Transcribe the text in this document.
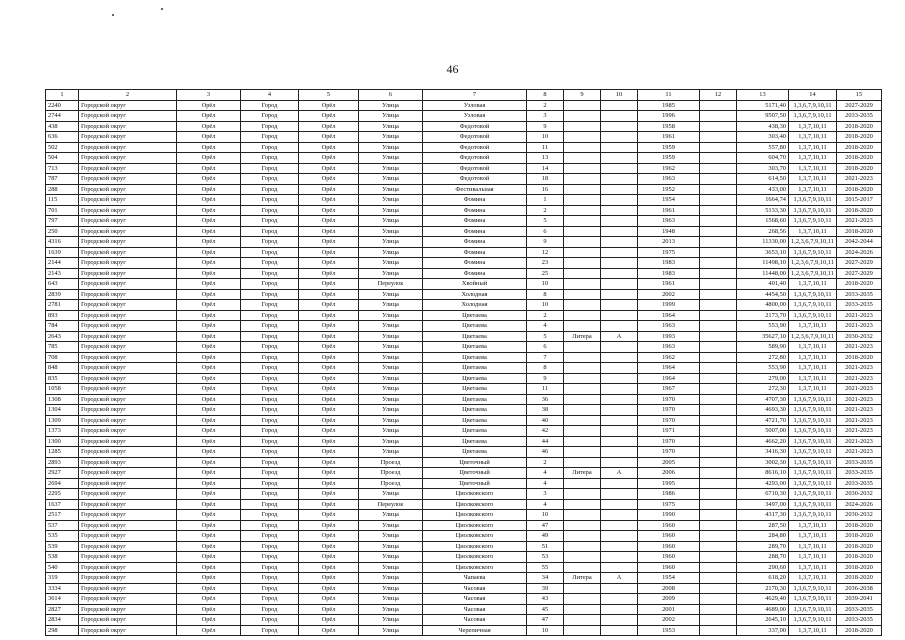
46
1	2	3	4	5	6	7	8	9	10	11	12	13	14	15
2240	Городской округ	Орёл	Город	Орёл	Улица	Узловая	2			1985		5171,40	1,3,6,7,9,10,11	2027-2029
2744	Городской округ	Орёл	Город	Орёл	Улица	Узловая	3			1996		9507,50	1,3,6,7,9,10,11	2033-2035
438	Городской округ	Орёл	Город	Орёл	Улица	Федотовой	9			1958		438,30	1,3,7,10,11	2018-2020
636	Городской округ	Орёл	Город	Орёл	Улица	Федотовой	10			1961		303,40	1,3,7,10,11	2018-2020
502	Городской округ	Орёл	Город	Орёл	Улица	Федотовой	11			1959		557,80	1,3,7,10,11	2018-2020
504	Городской округ	Орёл	Город	Орёл	Улица	Федотовой	13			1959		604,70	1,3,7,10,11	2018-2020
713	Городской округ	Орёл	Город	Орёл	Улица	Федотовой	14			1962		303,70	1,3,7,10,11	2018-2020
787	Городской округ	Орёл	Город	Орёл	Улица	Федотовой	18			1963		614,50	1,3,7,10,11	2021-2023
288	Городской округ	Орёл	Город	Орёл	Улица	Фестивальная	16			1952		433,00	1,3,7,10,11	2018-2020
115	Городской округ	Орёл	Город	Орёл	Улица	Фомина	1			1954		1664,74	1,3,6,7,9,10,11	2015-2017
701	Городской округ	Орёл	Город	Орёл	Улица	Фомина	2			1961		5133,30	1,3,6,7,9,10,11	2018-2020
797	Городской округ	Орёл	Город	Орёл	Улица	Фомина	5			1963		1568,60	1,3,6,7,9,10,11	2021-2023
250	Городской округ	Орёл	Город	Орёл	Улица	Фомина	6			1948		268,56	1,3,7,10,11	2018-2020
4316	Городской округ	Орёл	Город	Орёл	Улица	Фомина	9			2013		11330,00	1,2,3,6,7,9,10,11	2042-2044
1639	Городской округ	Орёл	Город	Орёл	Улица	Фомина	12			1975		3653,10	1,3,6,7,9,10,11	2024-2026
2144	Городской округ	Орёл	Город	Орёл	Улица	Фомина	23			1983		11498,10	1,2,3,6,7,9,10,11	2027-2029
2143	Городской округ	Орёл	Город	Орёл	Улица	Фомина	25			1983		11448,00	1,2,3,6,7,9,10,11	2027-2029
643	Городской округ	Орёл	Город	Орёл	Переулок	Хвойный	10			1961		401,40	1,3,7,10,11	2018-2020
2839	Городской округ	Орёл	Город	Орёл	Улица	Холодная	8			2002		4454,50	1,3,6,7,9,10,11	2033-2035
2781	Городской округ	Орёл	Город	Орёл	Улица	Холодная	10			1999		4800,00	1,3,6,7,9,10,11	2033-2035
893	Городской округ	Орёл	Город	Орёл	Улица	Цветаева	2			1964		2173,70	1,3,6,7,9,10,11	2021-2023
784	Городской округ	Орёл	Город	Орёл	Улица	Цветаева	4			1963		553,90	1,3,7,10,11	2021-2023
2643	Городской округ	Орёл	Город	Орёл	Улица	Цветаева	5	Литера	А	1993		35627,10	1,2,3,6,7,9,10,11	2030-2032
785	Городской округ	Орёл	Город	Орёл	Улица	Цветаева	6			1963		589,90	1,3,7,10,11	2021-2023
708	Городской округ	Орёл	Город	Орёл	Улица	Цветаева	7			1962		272,80	1,3,7,10,11	2018-2020
848	Городской округ	Орёл	Город	Орёл	Улица	Цветаева	8			1964		553,90	1,3,7,10,11	2021-2023
835	Городской округ	Орёл	Город	Орёл	Улица	Цветаева	9			1964		279,00	1,3,7,10,11	2021-2023
1058	Городской округ	Орёл	Город	Орёл	Улица	Цветаева	11			1967		272,30	1,3,7,10,11	2021-2023
1308	Городской округ	Орёл	Город	Орёл	Улица	Цветаева	36			1970		4707,30	1,3,6,7,9,10,11	2021-2023
1304	Городской округ	Орёл	Город	Орёл	Улица	Цветаева	38			1970		4693,30	1,3,6,7,9,10,11	2021-2023
1309	Городской округ	Орёл	Город	Орёл	Улица	Цветаева	40			1970		4721,70	1,3,6,7,9,10,11	2021-2023
1373	Городской округ	Орёл	Город	Орёл	Улица	Цветаева	42			1971		5007,00	1,3,6,7,9,10,11	2021-2023
1300	Городской округ	Орёл	Город	Орёл	Улица	Цветаева	44			1970		4662,20	1,3,6,7,9,10,11	2021-2023
1285	Городской округ	Орёл	Город	Орёл	Улица	Цветаева	46			1970		3416,30	1,3,6,7,9,10,11	2021-2023
2893	Городской округ	Орёл	Город	Орёл	Проезд	Цветочный	2			2005		3002,30	1,3,6,7,9,10,11	2033-2035
2927	Городской округ	Орёл	Город	Орёл	Проезд	Цветочный	4	Литера	А	2006		8616,10	1,3,6,7,9,10,11	2033-2035
2694	Городской округ	Орёл	Город	Орёл	Проезд	Цветочный	4			1995		4293,00	1,3,6,7,9,10,11	2033-2035
2295	Городской округ	Орёл	Город	Орёл	Улица	Циолковского	3			1986		6710,30	1,3,6,7,9,10,11	2030-2032
1637	Городской округ	Орёл	Город	Орёл	Переулок	Циолковского	4			1975		3497,00	1,3,6,7,9,10,11	2024-2026
2517	Городской округ	Орёл	Город	Орёл	Улица	Циолковского	10			1990		4317,30	1,3,6,7,9,10,11	2030-2032
537	Городской округ	Орёл	Город	Орёл	Улица	Циолковского	47			1960		287,50	1,3,7,10,11	2018-2020
535	Городской округ	Орёл	Город	Орёл	Улица	Циолковского	49			1960		284,80	1,3,7,10,11	2018-2020
539	Городской округ	Орёл	Город	Орёл	Улица	Циолковского	51			1960		289,70	1,3,7,10,11	2018-2020
538	Городской округ	Орёл	Город	Орёл	Улица	Циолковского	53			1960		288,70	1,3,7,10,11	2018-2020
540	Городской округ	Орёл	Город	Орёл	Улица	Циолковского	55			1960		290,60	1,3,7,10,11	2018-2020
319	Городской округ	Орёл	Город	Орёл	Улица	Чапаева	34	Литера	А	1954		618,20	1,3,7,10,11	2018-2020
3334	Городской округ	Орёл	Город	Орёл	Улица	Часовая	39			2008		2170,30	1,3,6,7,9,10,11	2036-2038
3614	Городской округ	Орёл	Город	Орёл	Улица	Часовая	43			2009		4629,40	1,3,6,7,9,10,11	2039-2041
2827	Городской округ	Орёл	Город	Орёл	Улица	Часовая	45			2001		4689,00	1,3,6,7,9,10,11	2033-2035
2834	Городской округ	Орёл	Город	Орёл	Улица	Часовая	47			2002		2645,10	1,3,6,7,9,10,11	2033-2035
298	Городской округ	Орёл	Город	Орёл	Улица	Черепичная	10			1953		337,00	1,3,7,10,11	2018-2020
